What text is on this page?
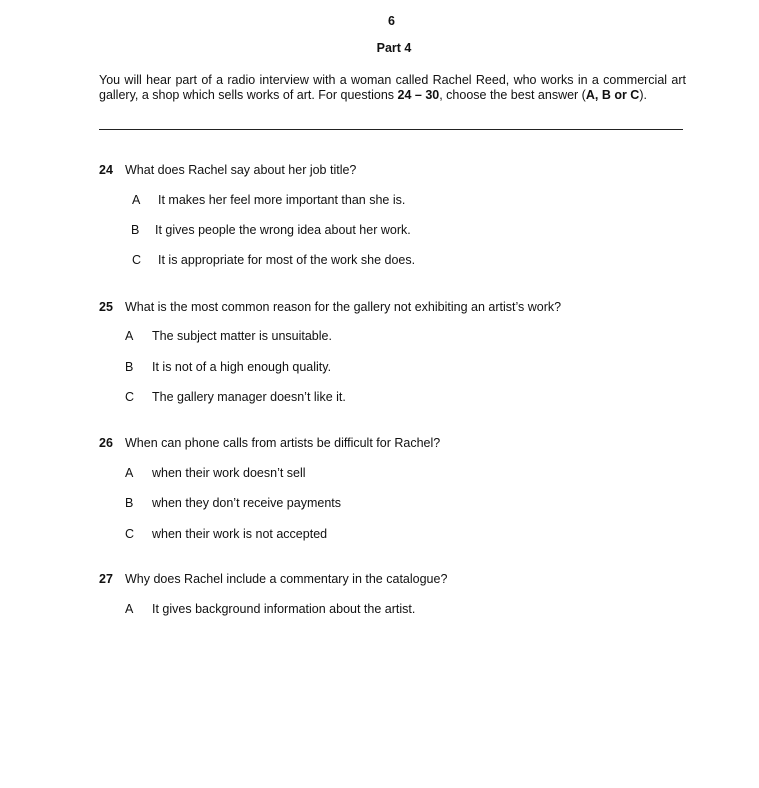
6
Part 4
You will hear part of a radio interview with a woman called Rachel Reed, who works in a commercial art gallery, a shop which sells works of art. For questions 24 – 30, choose the best answer (A, B or C).
24 What does Rachel say about her job title?
A It makes her feel more important than she is.
B It gives people the wrong idea about her work.
C It is appropriate for most of the work she does.
25 What is the most common reason for the gallery not exhibiting an artist’s work?
A The subject matter is unsuitable.
B It is not of a high enough quality.
C The gallery manager doesn’t like it.
26 When can phone calls from artists be difficult for Rachel?
A when their work doesn’t sell
B when they don’t receive payments
C when their work is not accepted
27 Why does Rachel include a commentary in the catalogue?
A It gives background information about the artist.
